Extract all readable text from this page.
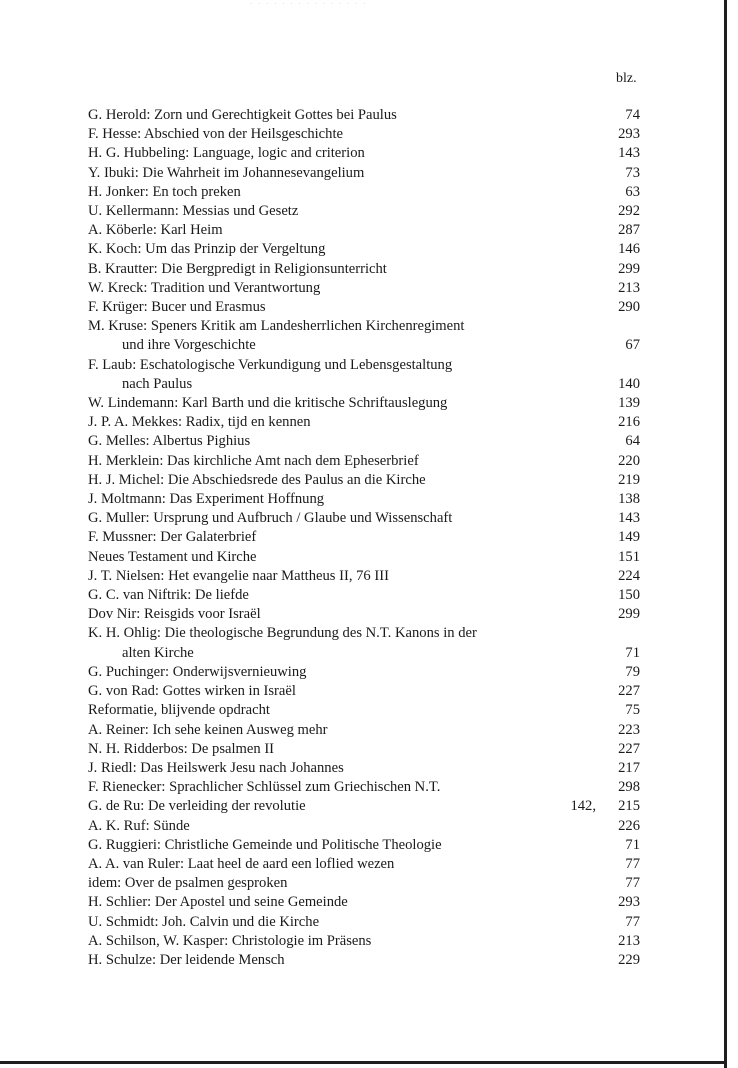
· · · · · · · · · · · · · · ·
blz.
G. Herold: Zorn und Gerechtigkeit Gottes bei Paulus	74
F. Hesse: Abschied von der Heilsgeschichte	293
H. G. Hubbeling: Language, logic and criterion	143
Y. Ibuki: Die Wahrheit im Johannesevangelium	73
H. Jonker: En toch preken	63
U. Kellermann: Messias und Gesetz	292
A. Köberle: Karl Heim	287
K. Koch: Um das Prinzip der Vergeltung	146
B. Krautter: Die Bergpredigt in Religionsunterricht	299
W. Kreck: Tradition und Verantwortung	213
F. Krüger: Bucer und Erasmus	290
M. Kruse: Speners Kritik am Landesherrlichen Kirchenregiment
und ihre Vorgeschichte	67
F. Laub: Eschatologische Verkundigung und Lebensgestaltung
nach Paulus	140
W. Lindemann: Karl Barth und die kritische Schriftauslegung	139
J. P. A. Mekkes: Radix, tijd en kennen	216
G. Melles: Albertus Pighius	64
H. Merklein: Das kirchliche Amt nach dem Epheserbrief	220
H. J. Michel: Die Abschiedsrede des Paulus an die Kirche	219
J. Moltmann: Das Experiment Hoffnung	138
G. Muller: Ursprung und Aufbruch / Glaube und Wissenschaft	143
F. Mussner: Der Galaterbrief	149
Neues Testament und Kirche	151
J. T. Nielsen: Het evangelie naar Mattheus II, 76 III	224
G. C. van Niftrik: De liefde	150
Dov Nir: Reisgids voor Israël	299
K. H. Ohlig: Die theologische Begrundung des N.T. Kanons in der
alten Kirche	71
G. Puchinger: Onderwijsvernieuwing	79
G. von Rad: Gottes wirken in Israël	227
Reformatie, blijvende opdracht	75
A. Reiner: Ich sehe keinen Ausweg mehr	223
N. H. Ridderbos: De psalmen II	227
J. Riedl: Das Heilswerk Jesu nach Johannes	217
F. Rienecker: Sprachlicher Schlüssel zum Griechischen N.T.	298
G. de Ru: De verleiding der revolutie	142, 215
A. K. Ruf: Sünde	226
G. Ruggieri: Christliche Gemeinde und Politische Theologie	71
A. A. van Ruler: Laat heel de aard een loflied wezen	77
idem: Over de psalmen gesproken	77
H. Schlier: Der Apostel und seine Gemeinde	293
U. Schmidt: Joh. Calvin und die Kirche	77
A. Schilson, W. Kasper: Christologie im Präsens	213
H. Schulze: Der leidende Mensch	229
